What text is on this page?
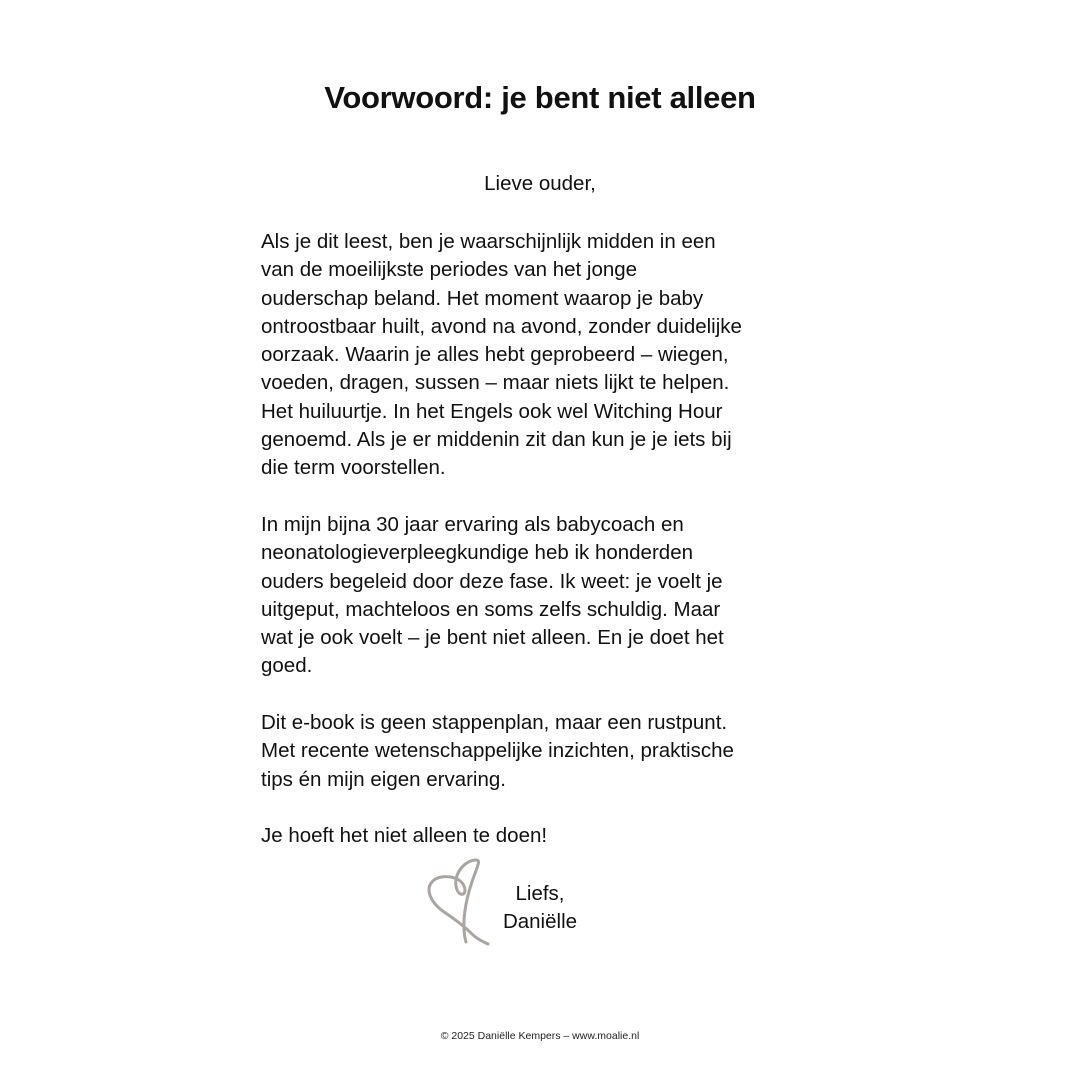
Voorwoord: je bent niet alleen
Lieve ouder,
Als je dit leest, ben je waarschijnlijk midden in een
van de moeilijkste periodes van het jonge
ouderschap beland. Het moment waarop je baby
ontroostbaar huilt, avond na avond, zonder duidelijke
oorzaak. Waarin je alles hebt geprobeerd – wiegen,
voeden, dragen, sussen – maar niets lijkt te helpen.
Het huiluurtje. In het Engels ook wel Witching Hour
genoemd. Als je er middenin zit dan kun je je iets bij
die term voorstellen.
In mijn bijna 30 jaar ervaring als babycoach en
neonatologieverpleegkundige heb ik honderden
ouders begeleid door deze fase. Ik weet: je voelt je
uitgeput, machteloos en soms zelfs schuldig. Maar
wat je ook voelt – je bent niet alleen. En je doet het
goed.
Dit e-book is geen stappenplan, maar een rustpunt.
Met recente wetenschappelijke inzichten, praktische
tips én mijn eigen ervaring.
Je hoeft het niet alleen te doen!
Liefs,
Daniëlle
© 2025 Daniëlle Kempers – www.moalie.nl
